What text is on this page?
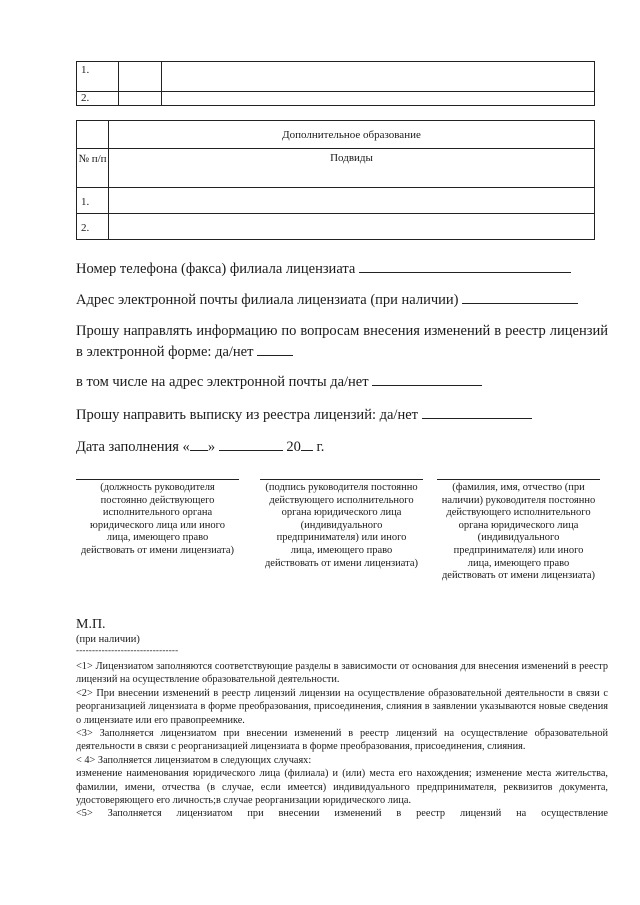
1.		
2.		
	Дополнительное образование
№ п/п	Подвиды
1.	
2.	
Номер телефона (факса) филиала лицензиата
Адрес электронной почты филиала лицензиата (при наличии)
Прошу направлять информацию по вопросам внесения изменений в реестр лицензий в электронной форме: да/нет
в том числе на адрес электронной почты да/нет
Прошу направить выписку из реестра лицензий: да/нет
Дата заполнения « »	20 г.
(должность руководителя постоянно действующего исполнительного органа юридического лица или иного лица, имеющего право действовать от имени лицензиата)
(подпись руководителя постоянно действующего исполнительного органа юридического лица (индивидуального предпринимателя) или иного лица, имеющего право действовать от имени лицензиата)
(фамилия, имя, отчество (при наличии) руководителя постоянно действующего исполнительного органа юридического лица (индивидуального предпринимателя) или иного лица, имеющего право действовать от имени лицензиата)
М.П.
(при наличии)
--------------------------------
<1> Лицензиатом заполняются соответствующие разделы в зависимости от основания для внесения изменений в реестр лицензий на осуществление образовательной деятельности.
<2> При внесении изменений в реестр лицензий лицензии на осуществление образовательной деятельности в связи с реорганизацией лицензиата в форме преобразования, присоединения, слияния в заявлении указываются новые сведения о лицензиате или его правопреемнике.
<3> Заполняется лицензиатом при внесении изменений в реестр лицензий на осуществление образовательной деятельности в связи с реорганизацией лицензиата в форме преобразования, присоединения, слияния.
< 4> Заполняется лицензиатом в следующих случаях:
изменение наименования юридического лица (филиала) и (или) места его нахождения; изменение места жительства, фамилии, имени, отчества (в случае, если имеется) индивидуального предпринимателя, реквизитов документа, удостоверяющего его личность;в случае реорганизации юридического лица.
<5> Заполняется лицензиатом при внесении изменений в реестр лицензий на осуществление
